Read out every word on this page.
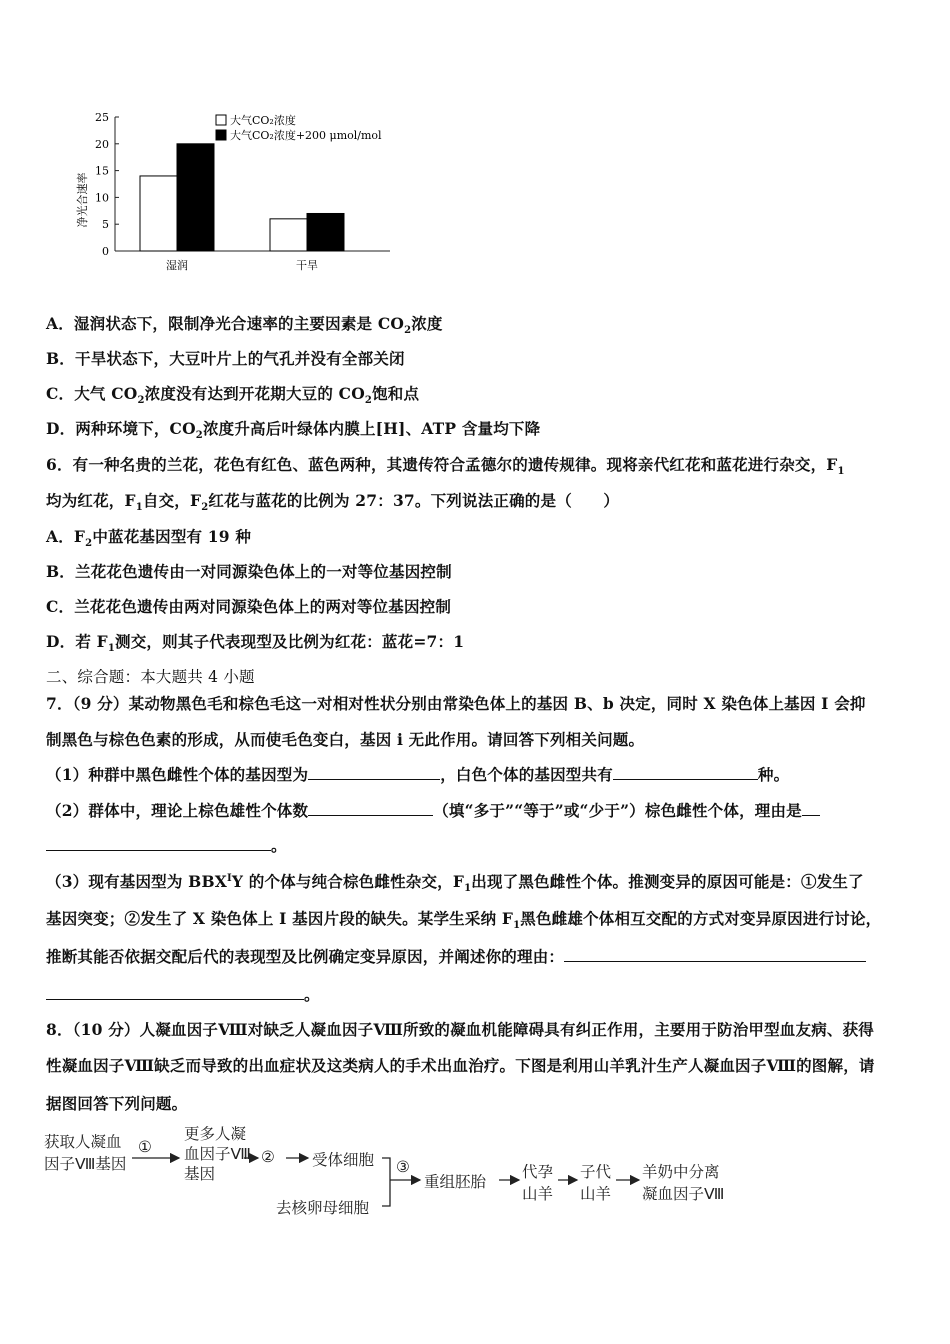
净光合速率
0
5
10
15
20
25
湿润	干旱
大气CO₂浓度
大气CO₂浓度+200 μmol/mol
A．湿润状态下，限制净光合速率的主要因素是 $CO_2$浓度
B．干旱状态下，大豆叶片上的气孔并没有全部关闭
C．大气 $CO_2$浓度没有达到开花期大豆的 $CO_2$饱和点
D．两种环境下，$CO_2$浓度升高后叶绿体内膜上[H]、ATP 含量均下降
6．有一种名贵的兰花，花色有红色、蓝色两种，其遗传符合孟德尔的遗传规律。现将亲代红花和蓝花进行杂交，$F_1$
均为红花，$F_1$自交，$F_2$红花与蓝花的比例为 27：37。下列说法正确的是（　　）
A．$F_2$中蓝花基因型有 19 种
B．兰花花色遗传由一对同源染色体上的一对等位基因控制
C．兰花花色遗传由两对同源染色体上的两对等位基因控制
D．若 $F_1$测交，则其子代表现型及比例为红花：蓝花=7：1
二、综合题：本大题共 4 小题
7．（9 分）某动物黑色毛和棕色毛这一对相对性状分别由常染色体上的基因 B、b 决定，同时 X 染色体上基因 I 会抑
制黑色与棕色色素的形成，从而使毛色变白，基因 i 无此作用。请回答下列相关问题。
（1）种群中黑色雌性个体的基因型为	，白色个体的基因型共有	种。
（2）群体中，理论上棕色雄性个体数	（填“多于”“等于”或“少于”）棕色雌性个体，理由是
。
（3）现有基因型为 $BBX^IY$ 的个体与纯合棕色雌性杂交，$F_1$出现了黑色雌性个体。推测变异的原因可能是：①发生了
基因突变；②发生了 X 染色体上 I 基因片段的缺失。某学生采纳 $F_1$黑色雌雄个体相互交配的方式对变异原因进行讨论，
推断其能否依据交配后代的表现型及比例确定变异原因，并阐述你的理由：
。
8．（10 分）人凝血因子Ⅷ对缺乏人凝血因子Ⅷ所致的凝血机能障碍具有纠正作用，主要用于防治甲型血友病、获得
性凝血因子Ⅷ缺乏而导致的出血症状及这类病人的手术出血治疗。下图是利用山羊乳汁生产人凝血因子Ⅷ的图解，请
据图回答下列问题。
获取人凝血
因子Ⅷ基因
①
更多人凝
血因子Ⅷ
基因
② 受体细胞
去核卵母细胞
③
重组胚胎
代孕
山羊
子代
山羊
羊奶中分离
凝血因子Ⅷ
